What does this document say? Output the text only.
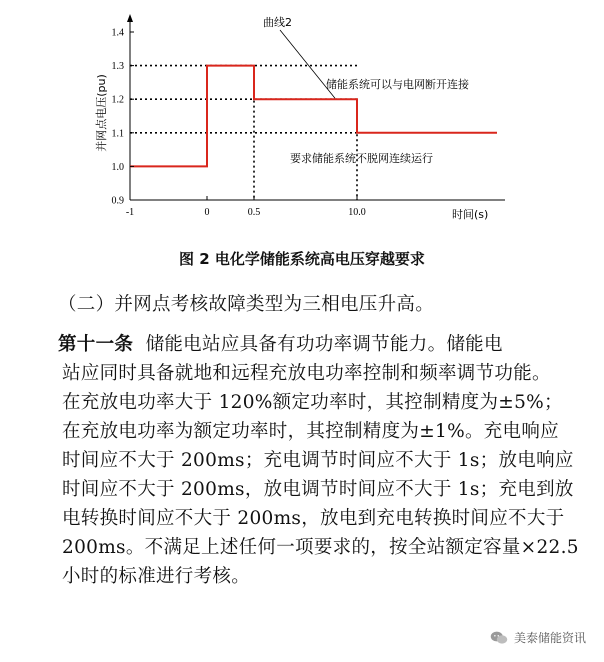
0.9
1.0
1.1
1.2
1.3
1.4
-1	0	0.5	10.0
并网点电压(pu)
时间(s)
曲线2
储能系统可以与电网断开连接
要求储能系统不脱网连续运行
图 2 电化学储能系统高电压穿越要求
（二）并网点考核故障类型为三相电压升高。
第十一条 储能电站应具备有功功率调节能力。储能电
站应同时具备就地和远程充放电功率控制和频率调节功能。
在充放电功率大于 120%额定功率时，其控制精度为±5%；
在充放电功率为额定功率时，其控制精度为±1%。充电响应
时间应不大于 200ms；充电调节时间应不大于 1s；放电响应
时间应不大于 200ms，放电调节时间应不大于 1s；充电到放
电转换时间应不大于 200ms，放电到充电转换时间应不大于
200ms。不满足上述任何一项要求的，按全站额定容量×22.5
小时的标准进行考核。
美泰储能资讯
